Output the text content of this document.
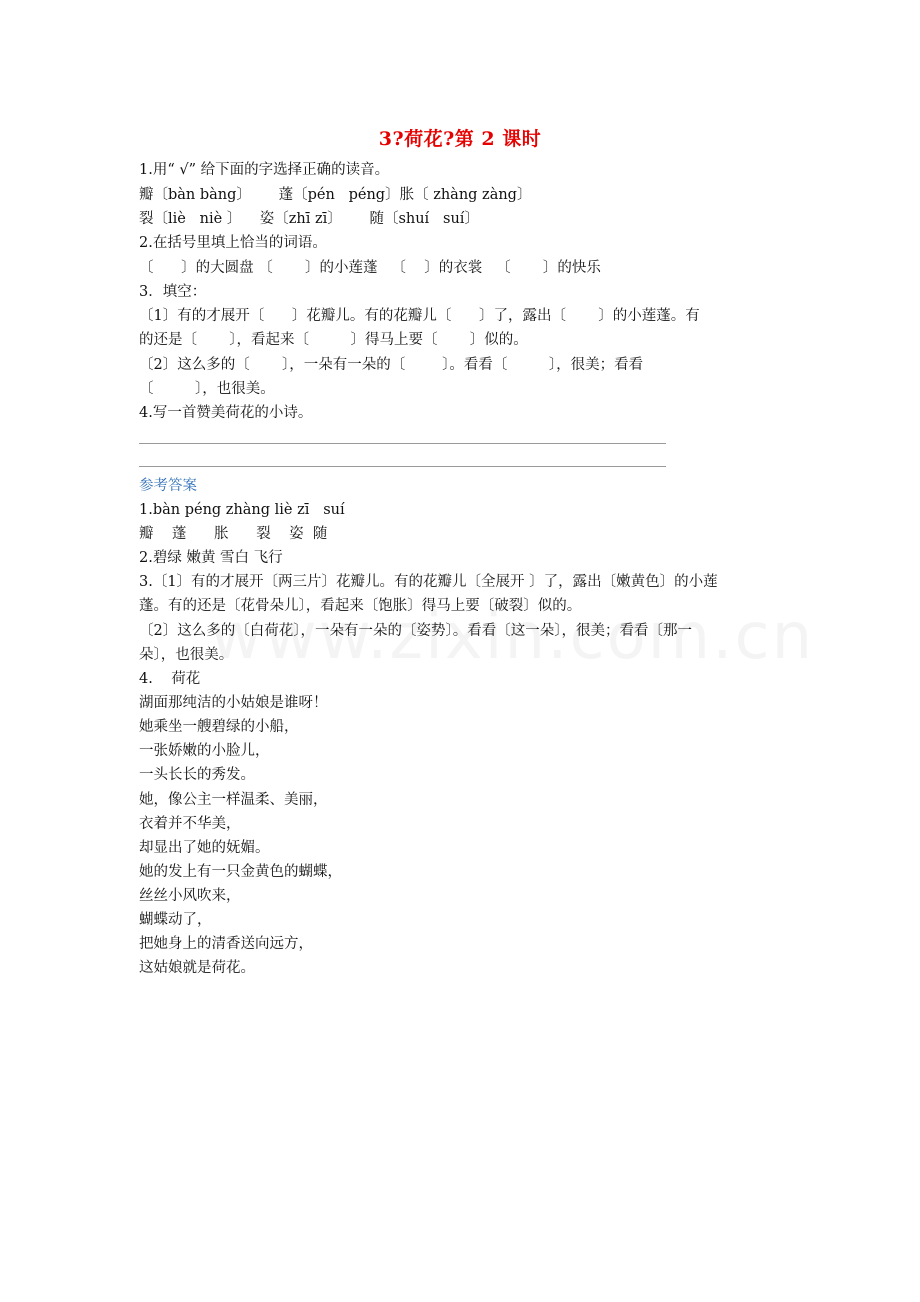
3?荷花?第 2 课时
1.用“ √” 给下面的字选择正确的读音。
瓣〔bàn bàng〕      蓬〔pén   péng〕胀〔 zhàng zàng〕
裂〔liè   niè 〕    姿〔zhī zī〕      随〔shuí   suí〕
2.在括号里填上恰当的词语。
〔      〕的大圆盘 〔       〕的小莲蓬   〔    〕的衣裳   〔       〕的快乐
3．填空：
〔1〕有的才展开〔      〕花瓣儿。有的花瓣儿〔      〕了，露出〔       〕的小莲蓬。有
的还是〔       〕，看起来〔         〕得马上要〔       〕似的。
〔2〕这么多的〔       〕，一朵有一朵的〔        〕。看看〔         〕，很美；看看
〔         〕，也很美。
4.写一首赞美荷花的小诗。
参考答案
1.bàn péng zhàng liè zī   suí
瓣    蓬      胀      裂    姿  随
2.碧绿 嫩黄 雪白 飞行
3.〔1〕有的才展开〔两三片〕花瓣儿。有的花瓣儿〔全展开 〕了，露出〔嫩黄色〕的小莲
蓬。有的还是〔花骨朵儿〕，看起来〔饱胀〕得马上要〔破裂〕似的。
〔2〕这么多的〔白荷花〕，一朵有一朵的〔姿势〕。看看〔这一朵〕，很美；看看〔那一
朵〕，也很美。
4.    荷花
湖面那纯洁的小姑娘是谁呀！
她乘坐一艘碧绿的小船，
一张娇嫩的小脸儿，
一头长长的秀发。
她，像公主一样温柔、美丽，
衣着并不华美，
却显出了她的妩媚。
她的发上有一只金黄色的蝴蝶，
丝丝小风吹来，
蝴蝶动了，
把她身上的清香送向远方，
这姑娘就是荷花。
